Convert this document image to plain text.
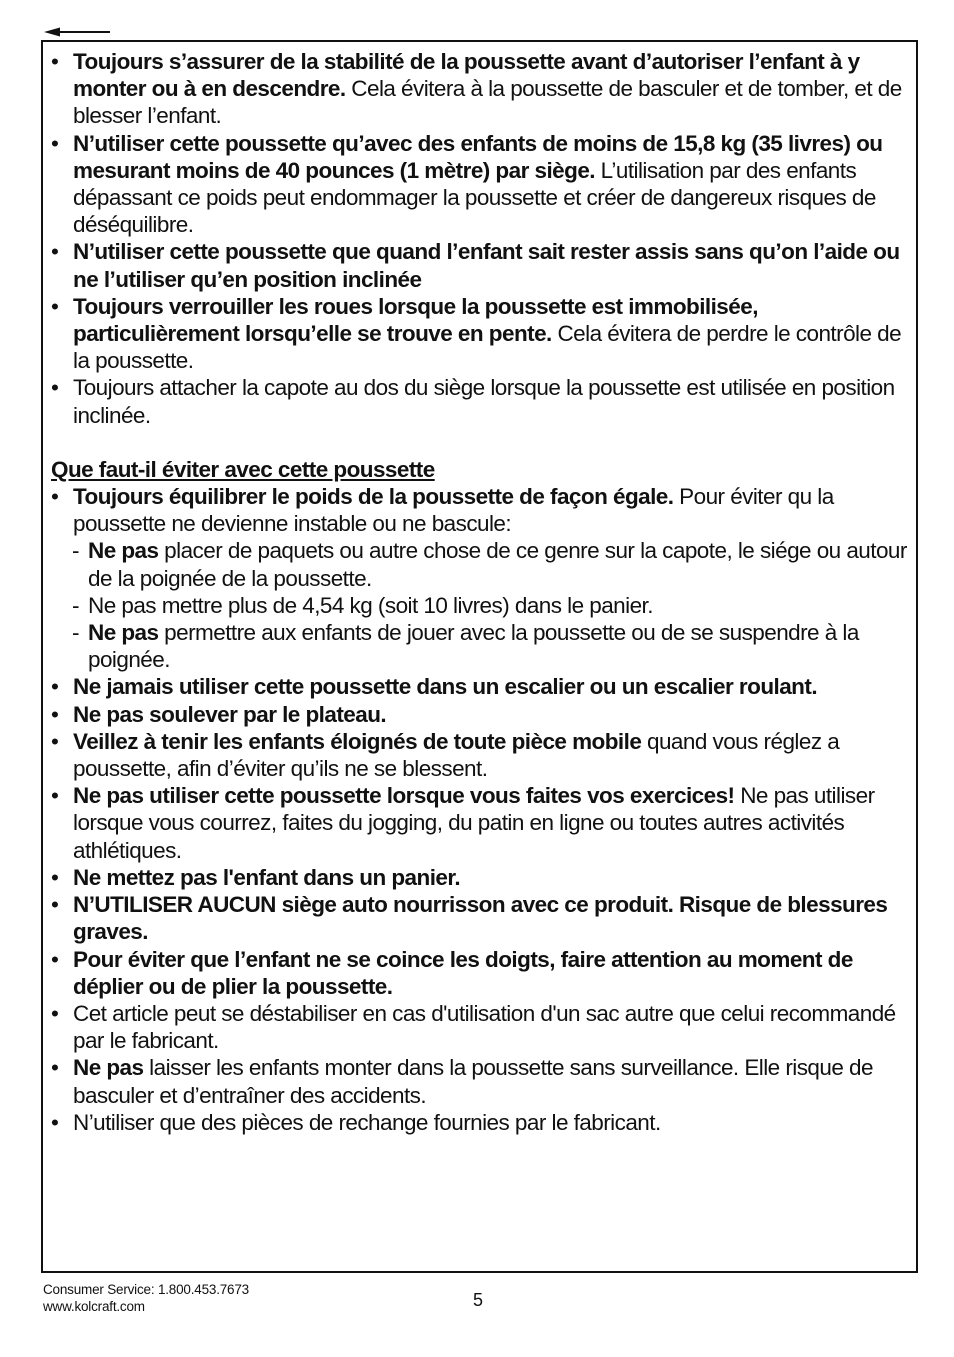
• Toujours s’assurer de la stabilité de la poussette avant d’autoriser l’enfant à y monter ou à en descendre. Cela évitera à la poussette de basculer et de tomber, et de blesser l’enfant.
• N’utiliser cette poussette qu’avec des enfants de moins de 15,8 kg (35 livres) ou mesurant moins de 40 pounces (1 mètre) par siège. L’utilisation par des enfants dépassant ce poids peut endommager la poussette et créer de dangereux risques de déséquilibre.
• N’utiliser cette poussette que quand l’enfant sait rester assis sans qu’on l’aide ou ne l’utiliser qu’en position inclinée
• Toujours verrouiller les roues lorsque la poussette est immobilisée, particulièrement lorsqu’elle se trouve en pente. Cela évitera de perdre le contrôle de la poussette.
• Toujours attacher la capote au dos du siège lorsque la poussette est utilisée en position inclinée.
Que faut-il éviter avec cette poussette
• Toujours équilibrer le poids de la poussette de façon égale. Pour éviter qu la poussette ne devienne instable ou ne bascule:
- Ne pas placer de paquets ou autre chose de ce genre sur la capote, le siége ou autour de la poignée de la poussette.
- Ne pas mettre plus de 4,54 kg (soit 10 livres) dans le panier.
- Ne pas permettre aux enfants de jouer avec la poussette ou de se suspendre à la poignée.
• Ne jamais utiliser cette poussette dans un escalier ou un escalier roulant.
• Ne pas soulever par le plateau.
• Veillez à tenir les enfants éloignés de toute pièce mobile quand vous réglez a poussette, afin d’éviter qu’ils ne se blessent.
• Ne pas utiliser cette poussette lorsque vous faites vos exercices! Ne pas utiliser lorsque vous courrez, faites du jogging, du patin en ligne ou toutes autres activités athlétiques.
• Ne mettez pas l'enfant dans un panier.
• N’UTILISER AUCUN siège auto nourrisson avec ce produit. Risque de blessures graves.
• Pour éviter que l’enfant ne se coince les doigts, faire attention au moment de déplier ou de plier la poussette.
• Cet article peut se déstabiliser en cas d'utilisation d'un sac autre que celui recommandé par le fabricant.
• Ne pas laisser les enfants monter dans la poussette sans surveillance. Elle risque de basculer et d’entraîner des accidents.
• N’utiliser que des pièces de rechange fournies par le fabricant.
Consumer Service: 1.800.453.7673
www.kolcraft.com	5
